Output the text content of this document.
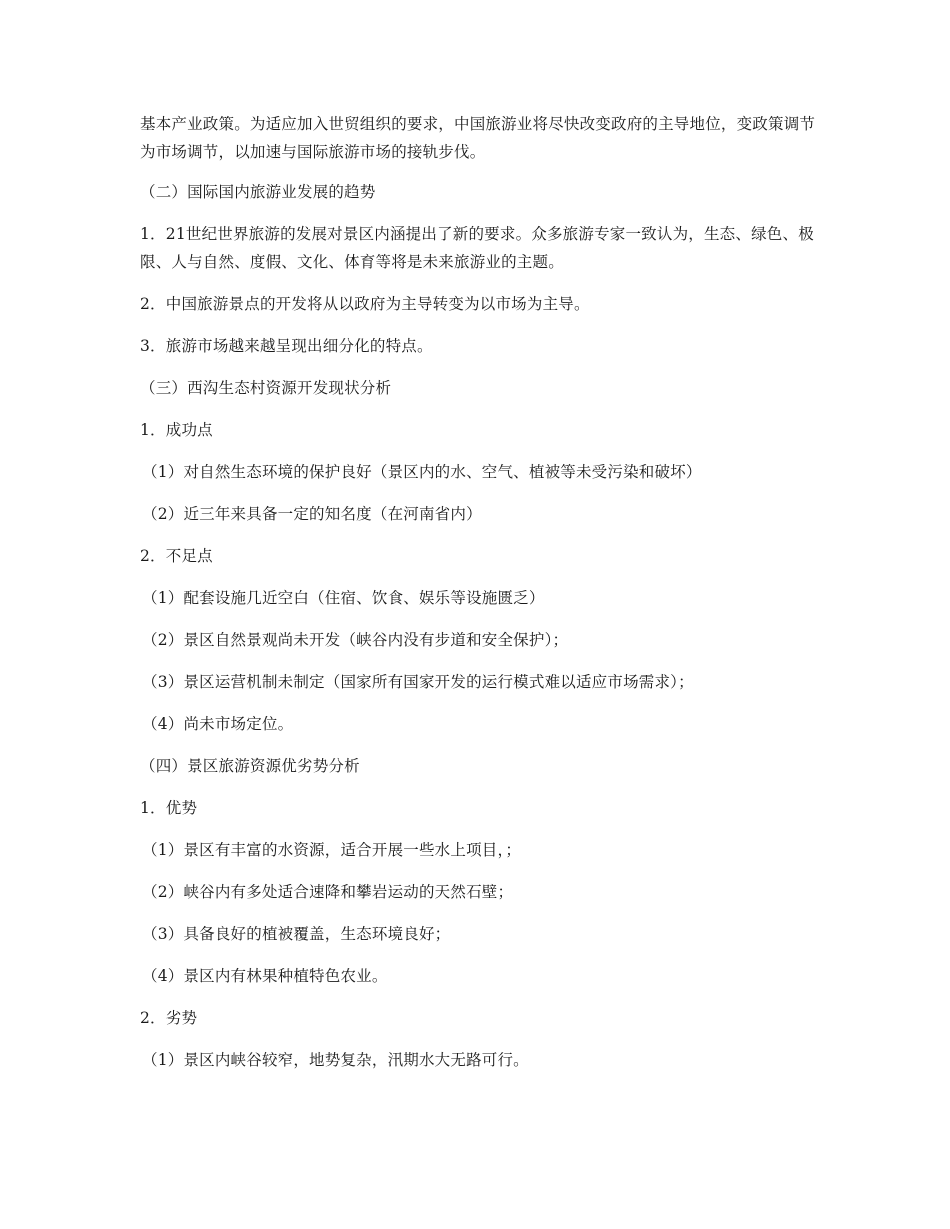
基本产业政策。为适应加入世贸组织的要求，中国旅游业将尽快改变政府的主导地位，变政策调节为市场调节，以加速与国际旅游市场的接轨步伐。

（二）国际国内旅游业发展的趋势

1．21世纪世界旅游的发展对景区内涵提出了新的要求。众多旅游专家一致认为，生态、绿色、极限、人与自然、度假、文化、体育等将是未来旅游业的主题。

2．中国旅游景点的开发将从以政府为主导转变为以市场为主导。

3．旅游市场越来越呈现出细分化的特点。

（三）西沟生态村资源开发现状分析

1．成功点

（1）对自然生态环境的保护良好（景区内的水、空气、植被等未受污染和破坏）

（2）近三年来具备一定的知名度（在河南省内）

2．不足点

（1）配套设施几近空白（住宿、饮食、娱乐等设施匮乏）

（2）景区自然景观尚未开发（峡谷内没有步道和安全保护）；

（3）景区运营机制未制定（国家所有国家开发的运行模式难以适应市场需求）；

（4）尚未市场定位。

（四）景区旅游资源优劣势分析

1．优势

（1）景区有丰富的水资源，适合开展一些水上项目，；

（2）峡谷内有多处适合速降和攀岩运动的天然石壁；

（3）具备良好的植被覆盖，生态环境良好；

（4）景区内有林果种植特色农业。

2．劣势

（1）景区内峡谷较窄，地势复杂，汛期水大无路可行。
